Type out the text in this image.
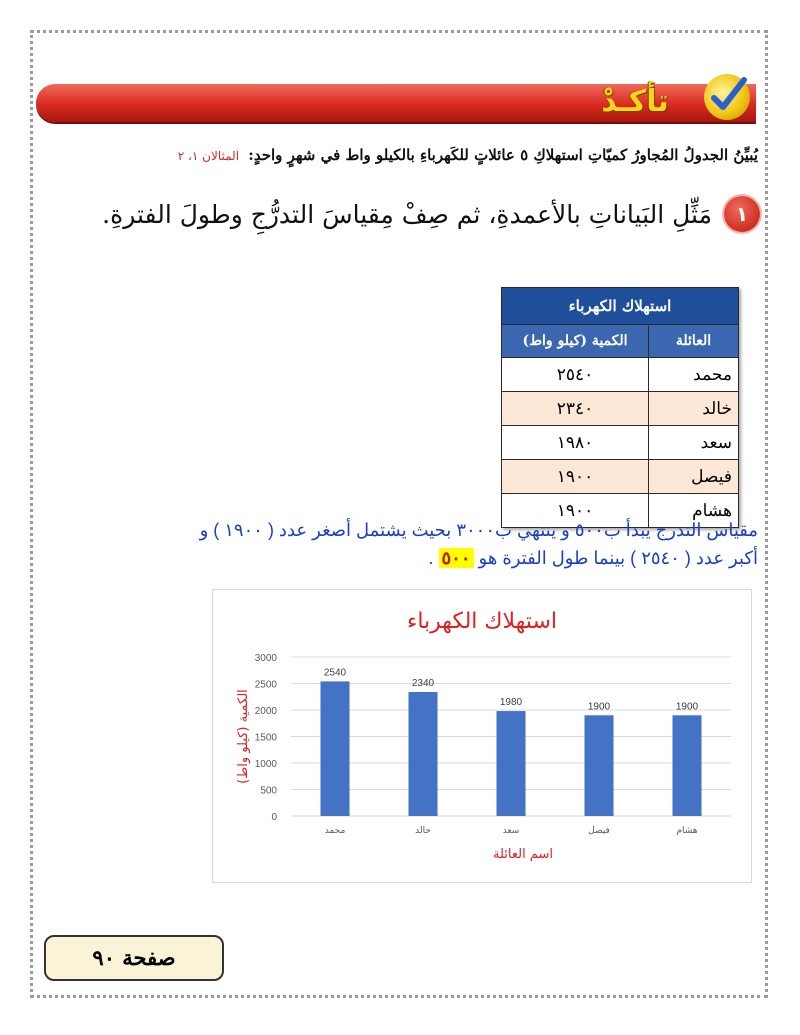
تأكـدْ
يُبيِّنُ الجدولُ المُجاورُ كميّاتِ استهلاكِ ٥ عائلاتٍ للكَهرباءِ بالكيلو واط في شهرٍ واحدٍ: المثالان ١، ٢
١
مَثِّلِ البَياناتِ بالأعمدةِ، ثم صِفْ مِقياسَ التدرُّجِ وطولَ الفترةِ.
استهلاك الكهرباء	
العائلة	الكمية (كيلو واط)
محمد	٢٥٤٠
خالد	٢٣٤٠
سعد	١٩٨٠
فيصل	١٩٠٠
هشام	١٩٠٠
مقياس التدرج يبدأ ب٥٠٠ و ينتهي ب٣٠٠٠ بحيث يشتمل أصغر عدد ( ١٩٠٠ ) و
أكبر عدد ( ٢٥٤٠ ) بينما طول الفترة هو ٥٠٠ .
استهلاك الكهرباء
0
500
1000
1500
2000
2500
3000
2540
محمد
2340
خالد
1980
سعد
1900
فيصل
1900
هشام
اسم العائلة
الكمية (كيلو واط)
صفحة ٩٠
